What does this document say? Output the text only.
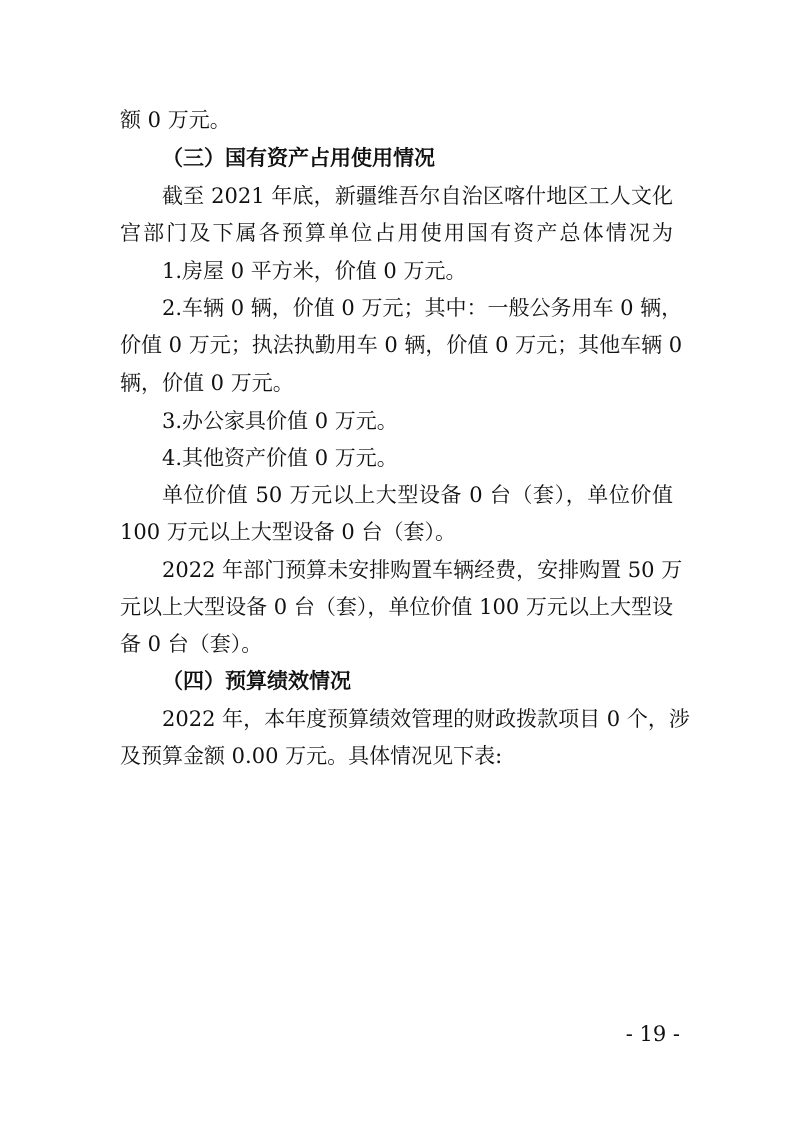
额 0 万元。
（三）国有资产占用使用情况
截至 2021 年底，新疆维吾尔自治区喀什地区工人文化
宫部门及下属各预算单位占用使用国有资产总体情况为
1.房屋 0 平方米，价值 0 万元。
2.车辆 0 辆，价值 0 万元；其中：一般公务用车 0 辆，
价值 0 万元；执法执勤用车 0 辆，价值 0 万元；其他车辆 0
辆，价值 0 万元。
3.办公家具价值 0 万元。
4.其他资产价值 0 万元。
单位价值 50 万元以上大型设备 0 台（套），单位价值
100 万元以上大型设备 0 台（套）。
2022 年部门预算未安排购置车辆经费，安排购置 50 万
元以上大型设备 0 台（套），单位价值 100 万元以上大型设
备 0 台（套）。
（四）预算绩效情况
2022 年，本年度预算绩效管理的财政拨款项目 0 个，涉
及预算金额 0.00 万元。具体情况见下表:
- 19 -
